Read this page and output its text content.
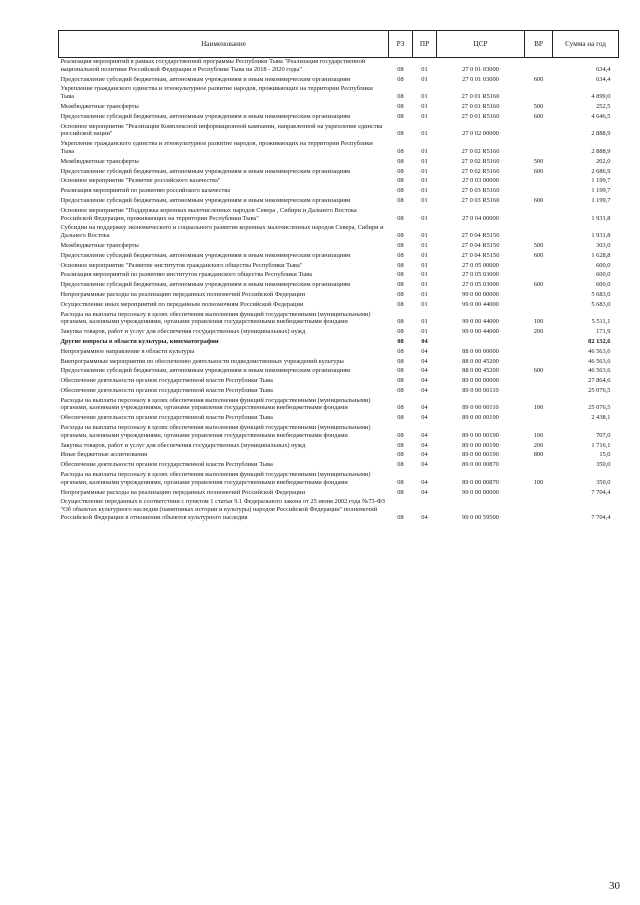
Наименование	РЗ	ПР	ЦСР	ВР	Сумма на год
Реализация мероприятий в рамках государственной программы Республики Тыва "Реализация государственной национальной политики Российской Федерации в Республике Тыва на 2018 - 2020 годы"	08	01	27 0 01 03000		634,4
Предоставление субсидий бюджетным, автономным учреждениям и иным некоммерческим организациям	08	01	27 0 01 03000	600	634,4
Укрепление гражданского единства и этнокультурное развитие народов, проживающих на территории Республики Тыва	08	01	27 0 01 R5160		4 899,0
Межбюджетные трансферты	08	01	27 0 01 R5160	500	252,5
Предоставление субсидий бюджетным, автономным учреждениям и иным некоммерческим организациям	08	01	27 0 01 R5160	600	4 646,5
Основное мероприятие "Реализация Комплексной информационной кампании, направленной на укрепление единства российской нации"	08	01	27 0 02 00000		2 888,9
Укрепление гражданского единства и этнокультурное развитие народов, проживающих на территории Республики Тыва	08	01	27 0 02 R5160		2 888,9
Межбюджетные трансферты	08	01	27 0 02 R5160	500	202,0
Предоставление субсидий бюджетным, автономным учреждениям и иным некоммерческим организациям	08	01	27 0 02 R5160	600	2 686,9
Основное мероприятие "Развитие российского казачества"	08	01	27 0 03 00000		1 199,7
Реализация мероприятий по развитию российского казачества	08	01	27 0 03 R5160		1 199,7
Предоставление субсидий бюджетным, автономным учреждениям и иным некоммерческим организациям	08	01	27 0 03 R5160	600	1 199,7
Основное мероприятие "Поддержка коренных малочисленных народов Севера , Сибири и Дальнего Востока Российской Федерации, проживающих на территории Республики Тыва"	08	01	27 0 04 00000		1 931,8
Субсидии на поддержку экономического и социального развития коренных малочисленных народов Севера, Сибири и Дальнего Востока	08	01	27 0 04 R5150		1 931,8
Межбюджетные трансферты	08	01	27 0 04 R5150	500	303,0
Предоставление субсидий бюджетным, автономным учреждениям и иным некоммерческим организациям	08	01	27 0 04 R5150	600	1 628,8
Основное мероприятие "Развитие институтов гражданского общества Республики Тыва"	08	01	27 0 05 00000		600,0
Реализация мероприятий по развитию институтов гражданского общества Республики Тыва	08	01	27 0 05 03000		600,0
Предоставление субсидий бюджетным, автономным учреждениям и иным некоммерческим организациям	08	01	27 0 05 03000	600	600,0
Непрограммные расходы на реализацию переданных полномочий Российской Федерации	08	01	99 0 00 00000		5 683,0
Осуществление иных мероприятий по переданным полномочиям Российской Федерации	08	01	99 0 00 44000		5 683,0
Расходы на выплаты персоналу в целях обеспечения выполнения функций государственными (муниципальными) органами, казенными учреждениями, органами управления государственными внебюджетными фондами	08	01	99 0 00 44000	100	5 511,1
Закупка товаров, работ и услуг для обеспечения государственных (муниципальных) нужд	08	01	99 0 00 44000	200	171,9
Другие вопросы в области культуры, кинематографии	08	04			82 132,6
Непрограммное направление в области культуры	08	04	88 0 00 00000		46 563,6
Внепрограммные мероприятия по обеспечению деятельности подведомственных учреждений культуры	08	04	88 0 00 45200		46 563,6
Предоставление субсидий бюджетным, автономным учреждениям и иным некоммерческим организациям	08	04	88 0 00 45200	600	46 563,6
Обеспечение деятельности органов государственной власти Республики Тыва	08	04	89 0 00 00000		27 864,6
Обеспечение деятельности органов государственной власти Республики Тыва	08	04	89 0 00 00110		25 076,5
Расходы на выплаты персоналу в целях обеспечения выполнения функций государственными (муниципальными) органами, казенными учреждениями, органами управления государственными внебюджетными фондами	08	04	89 0 00 00110	100	25 076,5
Обеспечение деятельности органов государственной власти Республики Тыва	08	04	89 0 00 00190		2 438,1
Расходы на выплаты персоналу в целях обеспечения выполнения функций государственными (муниципальными) органами, казенными учреждениями, органами управления государственными внебюджетными фондами	08	04	89 0 00 00190	100	707,0
Закупка товаров, работ и услуг для обеспечения государственных (муниципальных) нужд	08	04	89 0 00 00190	200	1 716,1
Иные бюджетные ассигнования	08	04	89 0 00 00190	800	15,0
Обеспечение деятельности органов государственной власти Республики Тыва	08	04	89 0 00 00870		350,0
Расходы на выплаты персоналу в целях обеспечения выполнения функций государственными (муниципальными) органами, казенными учреждениями, органами управления государственными внебюджетными фондами	08	04	89 0 00 00870	100	350,0
Непрограммные расходы на реализацию переданных полномочий Российской Федерации	08	04	99 0 00 00000		7 704,4
Осуществление переданных в соответствии с пунктом 1 статьи 9.1 Федерального закона от 25 июня 2002 года №73-ФЗ "Об объектах культурного наследия (памятниках истории и культуры) народов Российской Федерации" полномочий Российской Федерации в отношении объектов культурного наследия	08	04	99 0 00 59500		7 704,4
30
